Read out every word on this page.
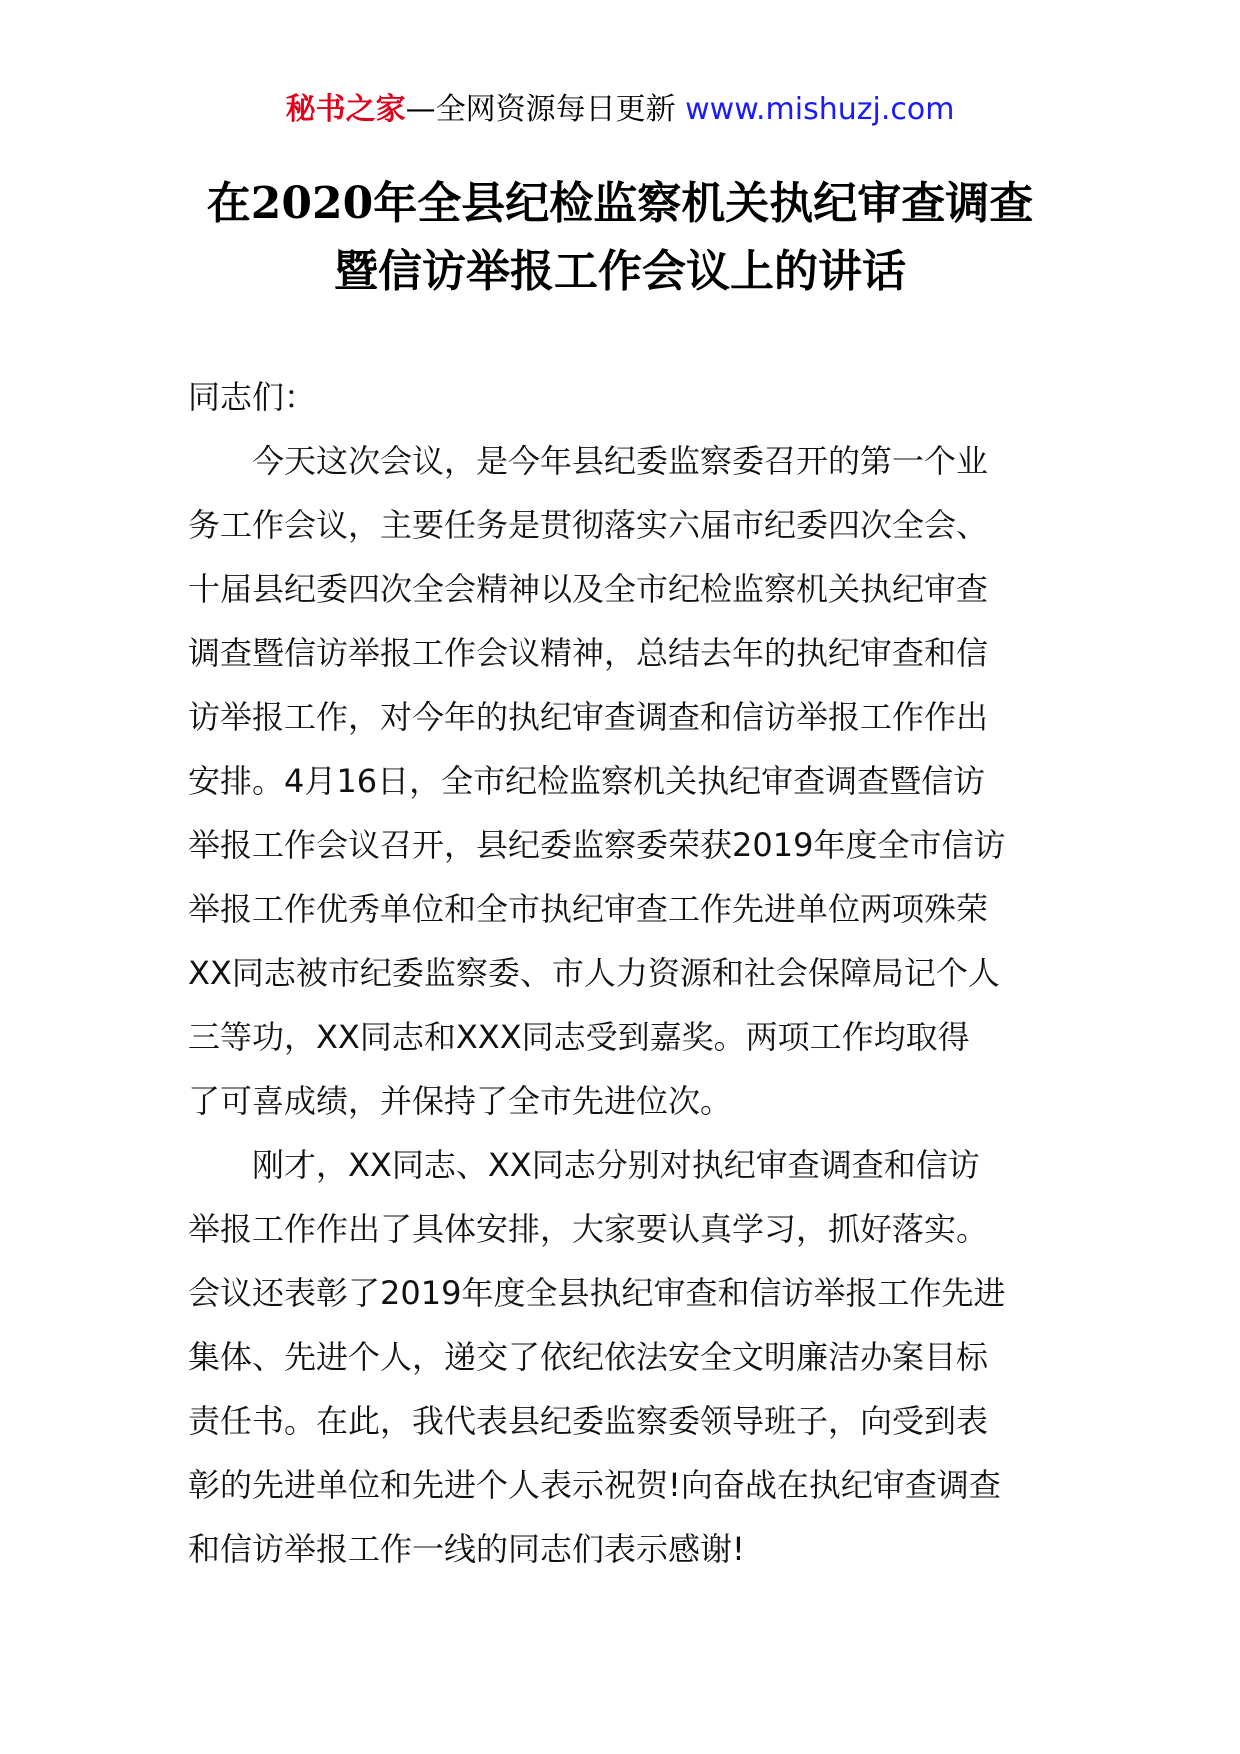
秘书之家—全网资源每日更新 www.mishuzj.com
在2020年全县纪检监察机关执纪审查调查
暨信访举报工作会议上的讲话
同志们：
今天这次会议，是今年县纪委监察委召开的第一个业
务工作会议，主要任务是贯彻落实六届市纪委四次全会、
十届县纪委四次全会精神以及全市纪检监察机关执纪审查
调查暨信访举报工作会议精神，总结去年的执纪审查和信
访举报工作，对今年的执纪审查调查和信访举报工作作出
安排。4月16日，全市纪检监察机关执纪审查调查暨信访
举报工作会议召开，县纪委监察委荣获2019年度全市信访
举报工作优秀单位和全市执纪审查工作先进单位两项殊荣
XX同志被市纪委监察委、市人力资源和社会保障局记个人
三等功，XX同志和XXX同志受到嘉奖。两项工作均取得
了可喜成绩，并保持了全市先进位次。
刚才，XX同志、XX同志分别对执纪审查调查和信访
举报工作作出了具体安排，大家要认真学习，抓好落实。
会议还表彰了2019年度全县执纪审查和信访举报工作先进
集体、先进个人，递交了依纪依法安全文明廉洁办案目标
责任书。在此，我代表县纪委监察委领导班子，向受到表
彰的先进单位和先进个人表示祝贺!向奋战在执纪审查调查
和信访举报工作一线的同志们表示感谢!
